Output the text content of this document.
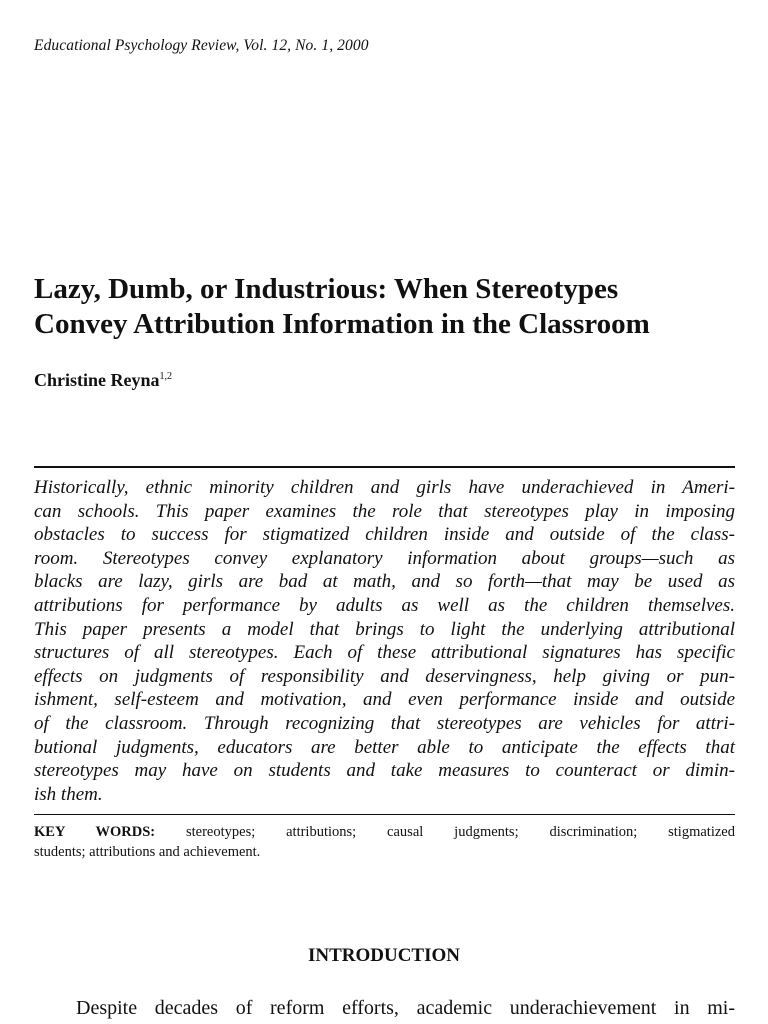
Educational Psychology Review, Vol. 12, No. 1, 2000
Lazy, Dumb, or Industrious: When Stereotypes
Convey Attribution Information in the Classroom
Christine Reyna$^{1,2}$
Historically, ethnic minority children and girls have underachieved in Ameri-
can schools. This paper examines the role that stereotypes play in imposing
obstacles to success for stigmatized children inside and outside of the class-
room. Stereotypes convey explanatory information about groups—such as
blacks are lazy, girls are bad at math, and so forth—that may be used as
attributions for performance by adults as well as the children themselves.
This paper presents a model that brings to light the underlying attributional
structures of all stereotypes. Each of these attributional signatures has specific
effects on judgments of responsibility and deservingness, help giving or pun-
ishment, self-esteem and motivation, and even performance inside and outside
of the classroom. Through recognizing that stereotypes are vehicles for attri-
butional judgments, educators are better able to anticipate the effects that
stereotypes may have on students and take measures to counteract or dimin-
ish them.
KEY WORDS: stereotypes; attributions; causal judgments; discrimination; stigmatized
students; attributions and achievement.
INTRODUCTION
Despite decades of reform efforts, academic underachievement in mi-
